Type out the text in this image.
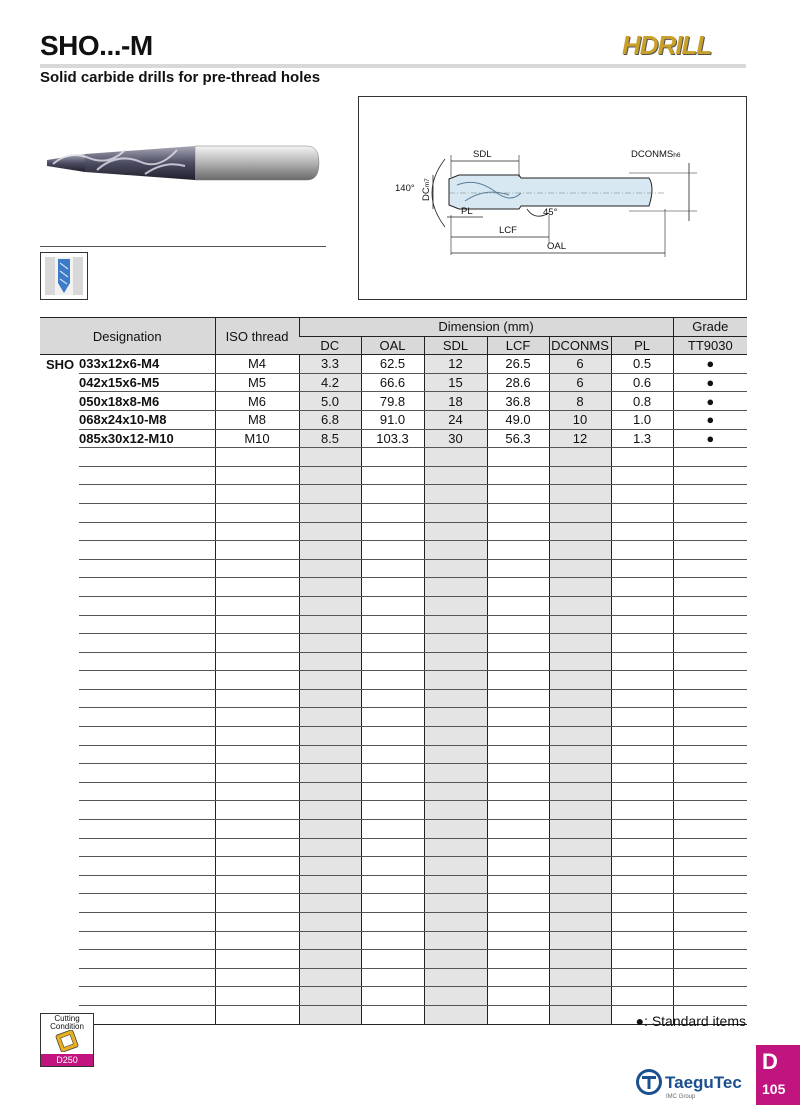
SHO...-M	HDRILL
Solid carbide drills for pre-thread holes
140° DCm7
SDL	DCONMSh6
45°
PL
LCF
OAL
Designation		ISO thread	Dimension (mm)						Grade
			DC	OAL	SDL	LCF	DCONMS	PL	TT9030
SHO	033x12x6-M4	M4	3.3	62.5	12	26.5	6	0.5	●
	042x15x6-M5	M5	4.2	66.6	15	28.6	6	0.6	●
	050x18x8-M6	M6	5.0	79.8	18	36.8	8	0.8	●
	068x24x10-M8	M8	6.8	91.0	24	49.0	10	1.0	●
	085x30x12-M10	M10	8.5	103.3	30	56.3	12	1.3	●

Cutting Condition
D250
●: Standard items
D
105
TaeguTec
IMC Group
